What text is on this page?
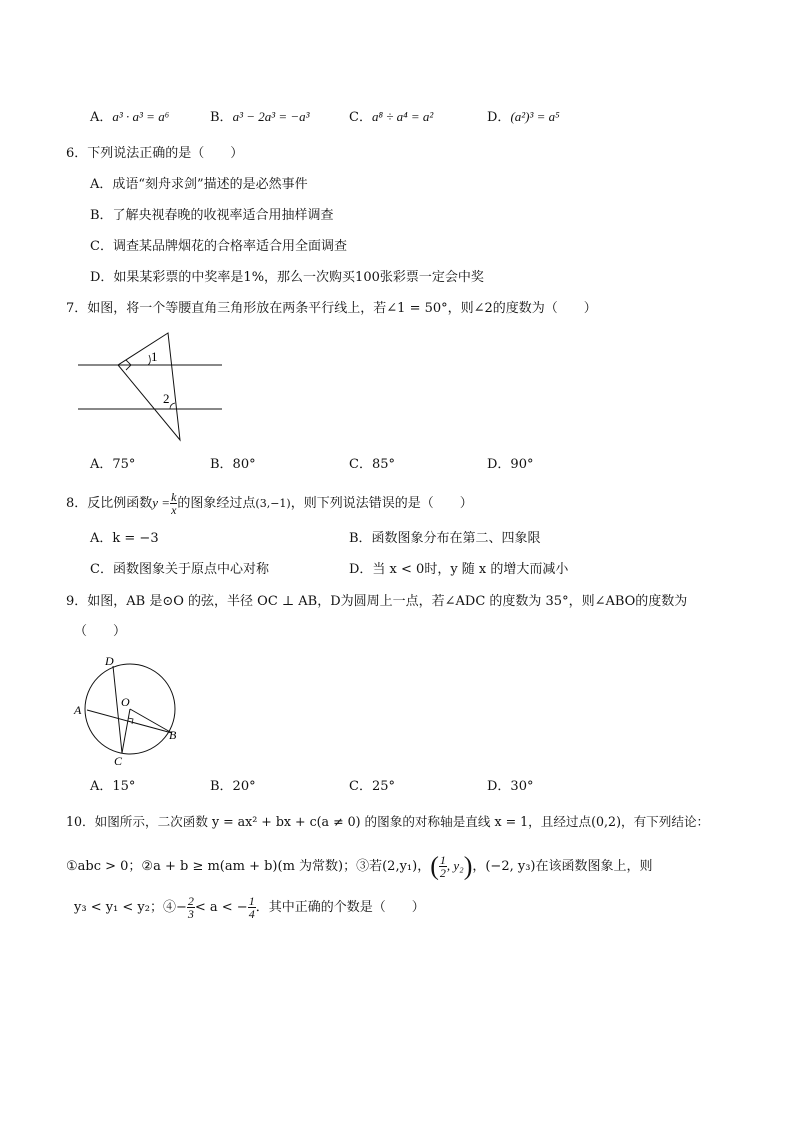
A．a³ · a³ = a⁶	B．a³ − 2a³ = −a³	C．a⁸ ÷ a⁴ = a²	D．(a²)³ = a⁵
6．下列说法正确的是（　　）
A．成语“刻舟求剑”描述的是必然事件
B．了解央视春晚的收视率适合用抽样调查
C．调查某品牌烟花的合格率适合用全面调查
D．如果某彩票的中奖率是1%，那么一次购买100张彩票一定会中奖
7．如图，将一个等腰直角三角形放在两条平行线上，若∠1 = 50°，则∠2的度数为（　　）
1
2
A．75°	B．80°	C．85°	D．90°
8．反比例函数$y = \frac{k}{x}$ 的图象经过点(3,−1)，则下列说法错误的是（　　）
A．k = −3	B．函数图象分布在第二、四象限
C．函数图象关于原点中心对称	D．当 x < 0时，y 随 x 的增大而减小
9．如图，AB 是⊙O 的弦，半径 OC ⊥ AB，D为圆周上一点，若∠ADC 的度数为 35°，则∠ABO的度数为
（　　）
D
A
O
C
B
A．15°	B．20°	C．25°	D．30°
10．如图所示，二次函数 y = ax² + bx + c(a ≠ 0) 的图象的对称轴是直线 x = 1，且经过点(0,2)，有下列结论：
①abc > 0；②a + b ≥ m(am + b)(m 为常数)；③若(2,y₁)，( $\frac{1}{2}$ , y₂)，(−2, y₃)在该函数图象上，则
y₃ < y₁ < y₂；④− $\frac{2}{3} < a$ < − $\frac{1}{4}$ ．其中正确的个数是（　　）
